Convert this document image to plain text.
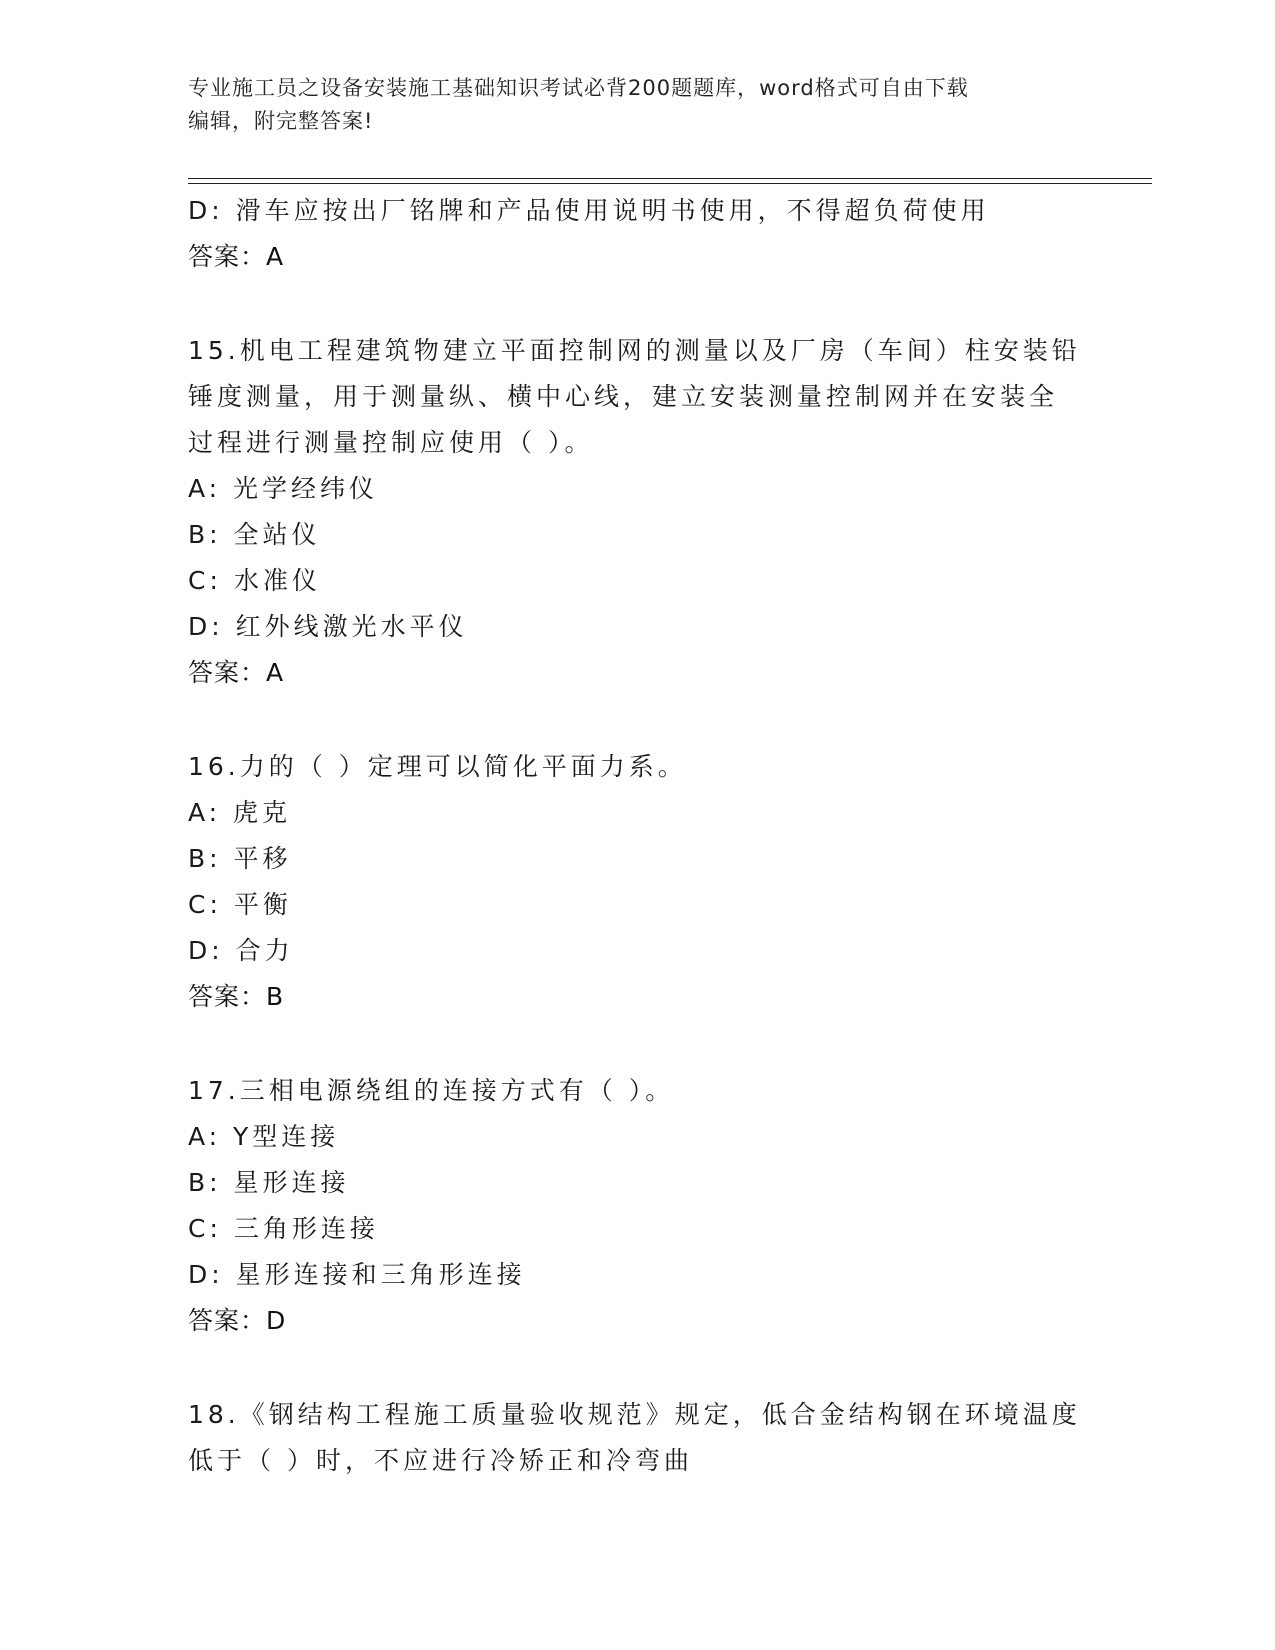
专业施工员之设备安装施工基础知识考试必背200题题库，word格式可自由下载
编辑，附完整答案!
D: 滑车应按出厂铭牌和产品使用说明书使用，不得超负荷使用
答案：A
15.机电工程建筑物建立平面控制网的测量以及厂房（车间）柱安装铅
锤度测量，用于测量纵、横中心线，建立安装测量控制网并在安装全
过程进行测量控制应使用（ ）。
A: 光学经纬仪
B: 全站仪
C: 水准仪
D: 红外线激光水平仪
答案：A
16.力的（ ）定理可以简化平面力系。
A: 虎克
B: 平移
C: 平衡
D: 合力
答案：B
17.三相电源绕组的连接方式有（ ）。
A: Y型连接
B: 星形连接
C: 三角形连接
D: 星形连接和三角形连接
答案：D
18.《钢结构工程施工质量验收规范》规定，低合金结构钢在环境温度
低于（ ）时，不应进行冷矫正和冷弯曲
